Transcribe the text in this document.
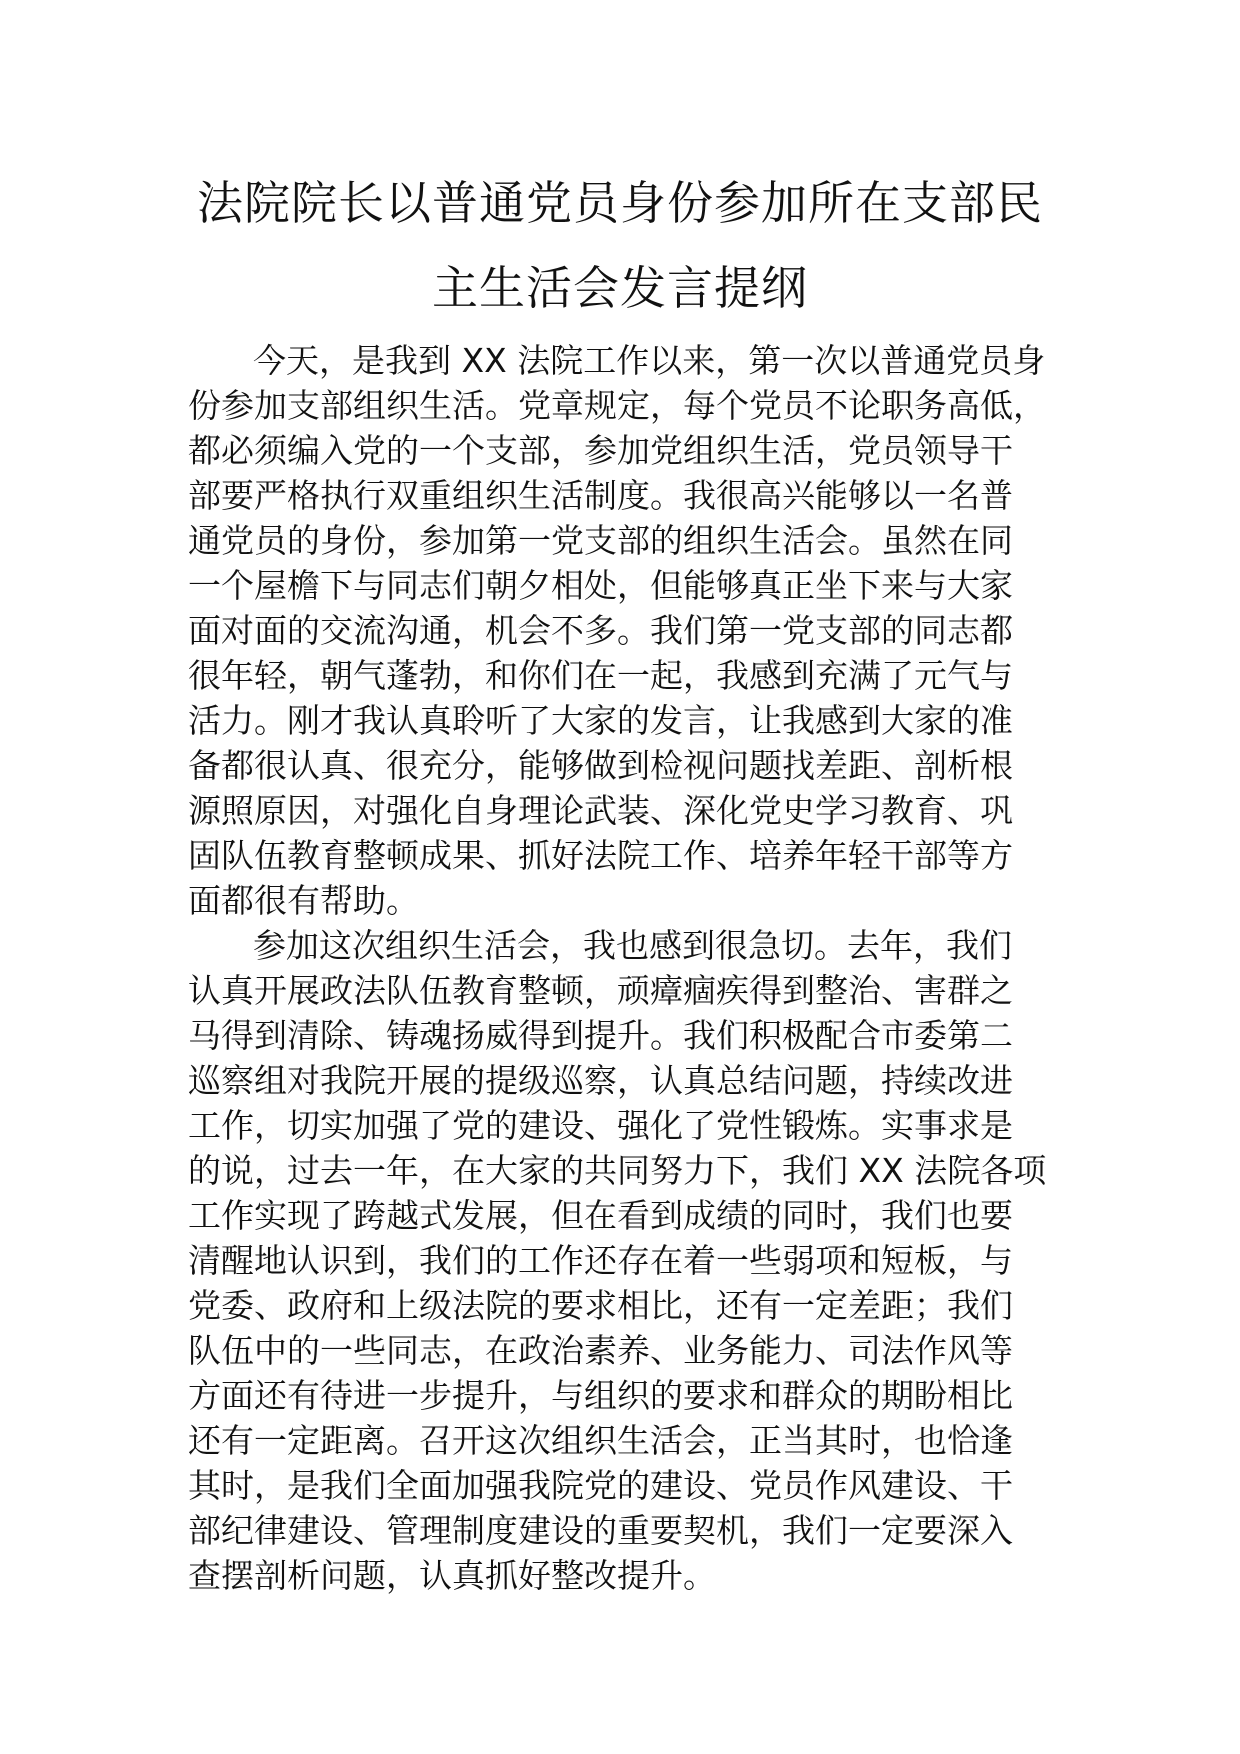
法院院长以普通党员身份参加所在支部民
主生活会发言提纲
今天，是我到 XX 法院工作以来，第一次以普通党员身
份参加支部组织生活。党章规定，每个党员不论职务高低，
都必须编入党的一个支部，参加党组织生活，党员领导干
部要严格执行双重组织生活制度。我很高兴能够以一名普
通党员的身份，参加第一党支部的组织生活会。虽然在同
一个屋檐下与同志们朝夕相处，但能够真正坐下来与大家
面对面的交流沟通，机会不多。我们第一党支部的同志都
很年轻，朝气蓬勃，和你们在一起，我感到充满了元气与
活力。刚才我认真聆听了大家的发言，让我感到大家的准
备都很认真、很充分，能够做到检视问题找差距、剖析根
源照原因，对强化自身理论武装、深化党史学习教育、巩
固队伍教育整顿成果、抓好法院工作、培养年轻干部等方
面都很有帮助。
参加这次组织生活会，我也感到很急切。去年，我们
认真开展政法队伍教育整顿，顽瘴痼疾得到整治、害群之
马得到清除、铸魂扬威得到提升。我们积极配合市委第二
巡察组对我院开展的提级巡察，认真总结问题，持续改进
工作，切实加强了党的建设、强化了党性锻炼。实事求是
的说，过去一年，在大家的共同努力下，我们 XX 法院各项
工作实现了跨越式发展，但在看到成绩的同时，我们也要
清醒地认识到，我们的工作还存在着一些弱项和短板，与
党委、政府和上级法院的要求相比，还有一定差距；我们
队伍中的一些同志，在政治素养、业务能力、司法作风等
方面还有待进一步提升，与组织的要求和群众的期盼相比
还有一定距离。召开这次组织生活会，正当其时，也恰逢
其时，是我们全面加强我院党的建设、党员作风建设、干
部纪律建设、管理制度建设的重要契机，我们一定要深入
查摆剖析问题，认真抓好整改提升。
